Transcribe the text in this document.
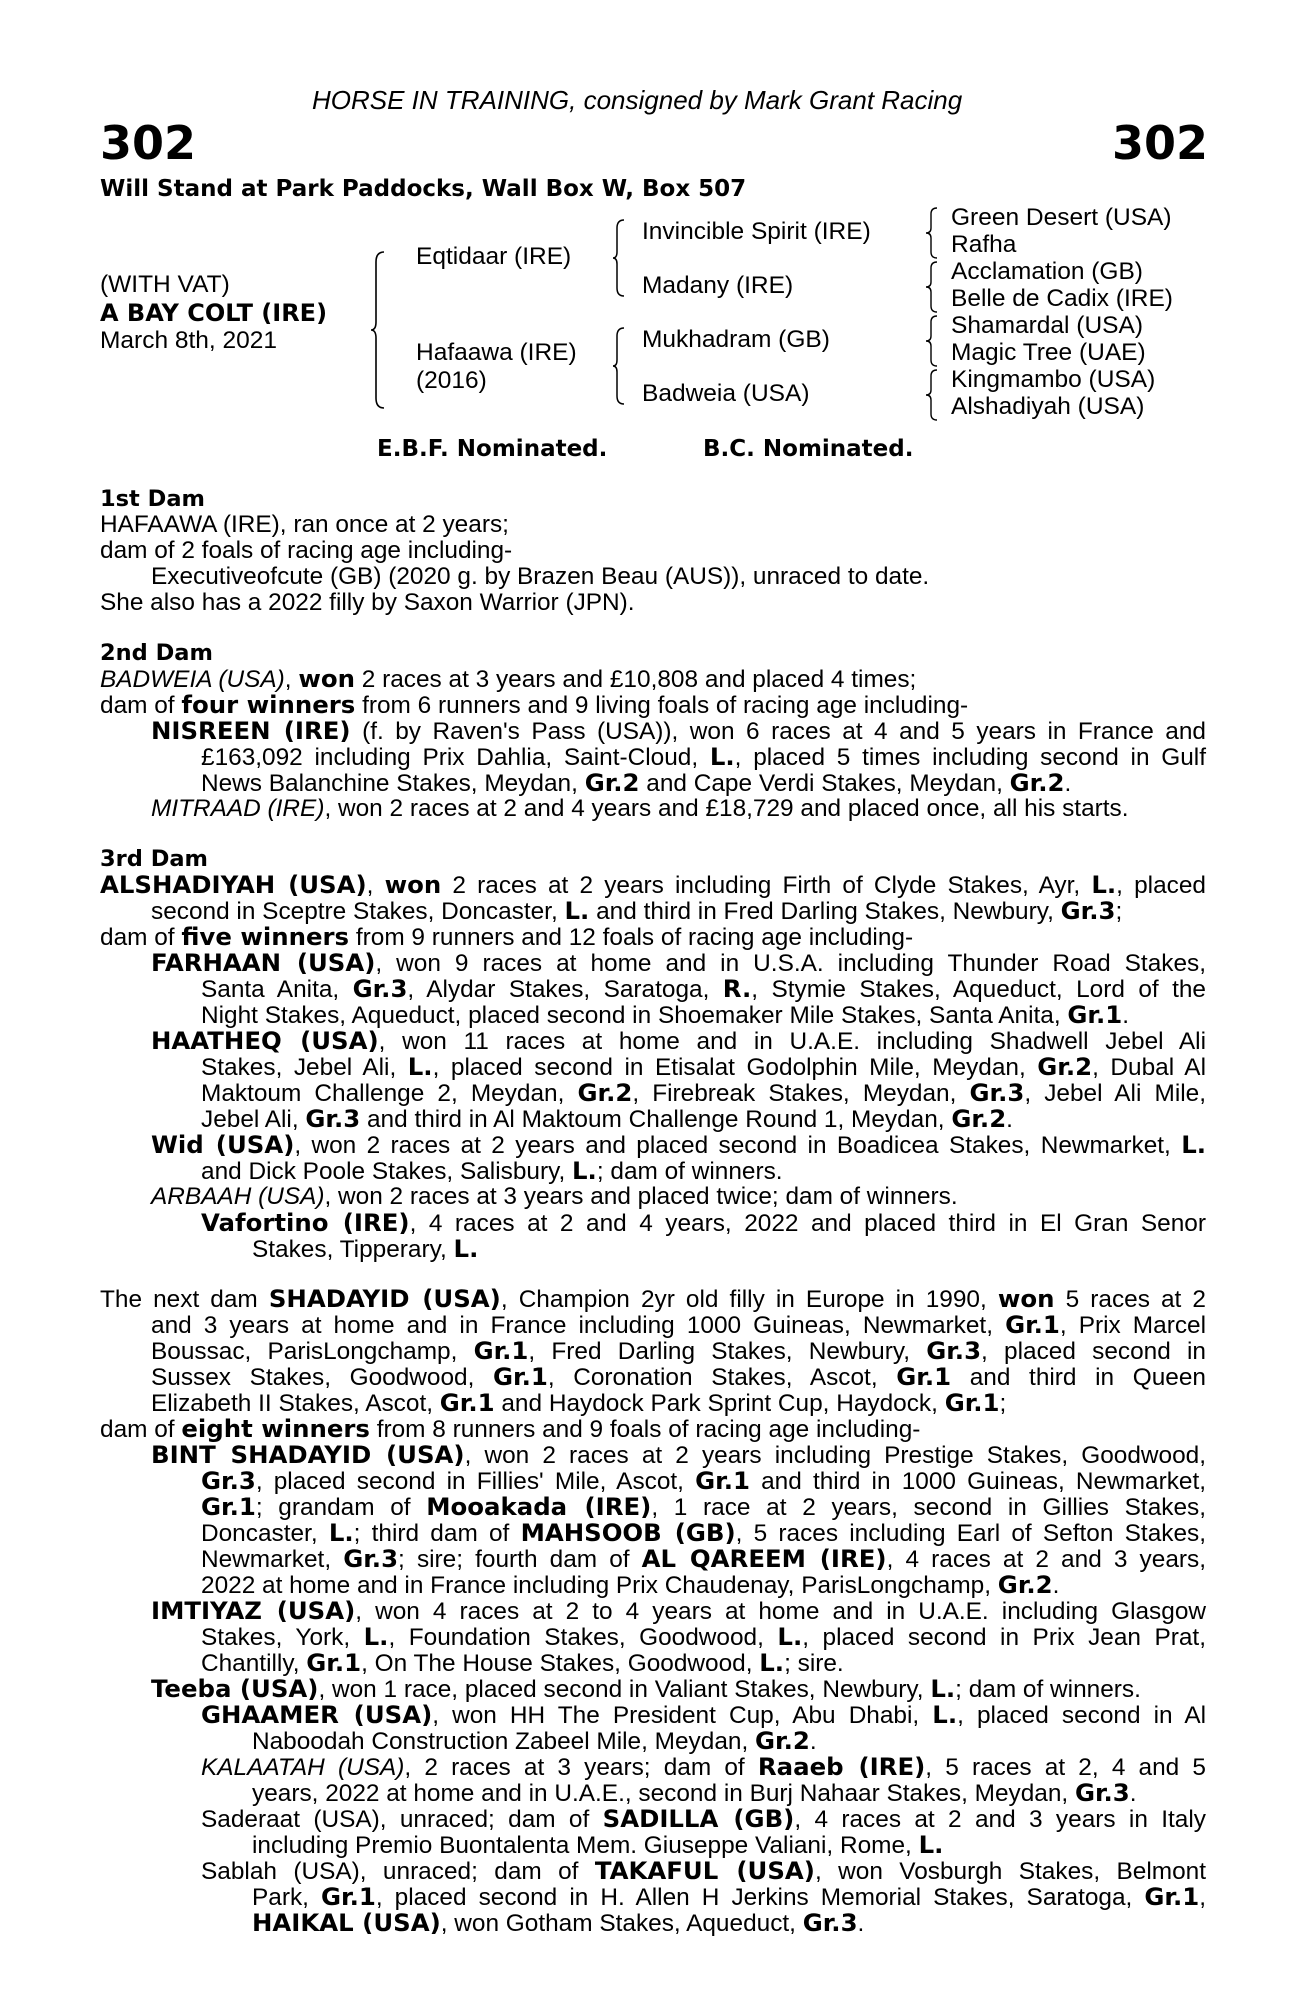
HORSE IN TRAINING, consigned by Mark Grant Racing
302	302
Will Stand at Park Paddocks, Wall Box W, Box 507
(WITH VAT)
A BAY COLT (IRE)
March 8th, 2021
Eqtidaar (IRE)
Hafaawa (IRE)
(2016)
Invincible Spirit (IRE)
Madany (IRE)
Mukhadram (GB)
Badweia (USA)
Green Desert (USA)
Rafha
Acclamation (GB)
Belle de Cadix (IRE)
Shamardal (USA)
Magic Tree (UAE)
Kingmambo (USA)
Alshadiyah (USA)
E.B.F. Nominated.	B.C. Nominated.
1st Dam
HAFAAWA (IRE), ran once at 2 years;
dam of 2 foals of racing age including-
Executiveofcute (GB) (2020 g. by Brazen Beau (AUS)), unraced to date.
She also has a 2022 filly by Saxon Warrior (JPN).
2nd Dam
BADWEIA (USA), won 2 races at 3 years and £10,808 and placed 4 times;
dam of four winners from 6 runners and 9 living foals of racing age including-
NISREEN (IRE) (f. by Raven's Pass (USA)), won 6 races at 4 and 5 years in France and
£163,092 including Prix Dahlia, Saint-Cloud, L., placed 5 times including second in Gulf
News Balanchine Stakes, Meydan, Gr.2 and Cape Verdi Stakes, Meydan, Gr.2.
MITRAAD (IRE), won 2 races at 2 and 4 years and £18,729 and placed once, all his starts.
3rd Dam
ALSHADIYAH (USA), won 2 races at 2 years including Firth of Clyde Stakes, Ayr, L., placed
second in Sceptre Stakes, Doncaster, L. and third in Fred Darling Stakes, Newbury, Gr.3;
dam of five winners from 9 runners and 12 foals of racing age including-
FARHAAN (USA), won 9 races at home and in U.S.A. including Thunder Road Stakes,
Santa Anita, Gr.3, Alydar Stakes, Saratoga, R., Stymie Stakes, Aqueduct, Lord of the
Night Stakes, Aqueduct, placed second in Shoemaker Mile Stakes, Santa Anita, Gr.1.
HAATHEQ (USA), won 11 races at home and in U.A.E. including Shadwell Jebel Ali
Stakes, Jebel Ali, L., placed second in Etisalat Godolphin Mile, Meydan, Gr.2, Dubal Al
Maktoum Challenge 2, Meydan, Gr.2, Firebreak Stakes, Meydan, Gr.3, Jebel Ali Mile,
Jebel Ali, Gr.3 and third in Al Maktoum Challenge Round 1, Meydan, Gr.2.
Wid (USA), won 2 races at 2 years and placed second in Boadicea Stakes, Newmarket, L.
and Dick Poole Stakes, Salisbury, L.; dam of winners.
ARBAAH (USA), won 2 races at 3 years and placed twice; dam of winners.
Vafortino (IRE), 4 races at 2 and 4 years, 2022 and placed third in El Gran Senor
Stakes, Tipperary, L.
The next dam SHADAYID (USA), Champion 2yr old filly in Europe in 1990, won 5 races at 2
and 3 years at home and in France including 1000 Guineas, Newmarket, Gr.1, Prix Marcel
Boussac, ParisLongchamp, Gr.1, Fred Darling Stakes, Newbury, Gr.3, placed second in
Sussex Stakes, Goodwood, Gr.1, Coronation Stakes, Ascot, Gr.1 and third in Queen
Elizabeth II Stakes, Ascot, Gr.1 and Haydock Park Sprint Cup, Haydock, Gr.1;
dam of eight winners from 8 runners and 9 foals of racing age including-
BINT SHADAYID (USA), won 2 races at 2 years including Prestige Stakes, Goodwood,
Gr.3, placed second in Fillies' Mile, Ascot, Gr.1 and third in 1000 Guineas, Newmarket,
Gr.1; grandam of Mooakada (IRE), 1 race at 2 years, second in Gillies Stakes,
Doncaster, L.; third dam of MAHSOOB (GB), 5 races including Earl of Sefton Stakes,
Newmarket, Gr.3; sire; fourth dam of AL QAREEM (IRE), 4 races at 2 and 3 years,
2022 at home and in France including Prix Chaudenay, ParisLongchamp, Gr.2.
IMTIYAZ (USA), won 4 races at 2 to 4 years at home and in U.A.E. including Glasgow
Stakes, York, L., Foundation Stakes, Goodwood, L., placed second in Prix Jean Prat,
Chantilly, Gr.1, On The House Stakes, Goodwood, L.; sire.
Teeba (USA), won 1 race, placed second in Valiant Stakes, Newbury, L.; dam of winners.
GHAAMER (USA), won HH The President Cup, Abu Dhabi, L., placed second in Al
Naboodah Construction Zabeel Mile, Meydan, Gr.2.
KALAATAH (USA), 2 races at 3 years; dam of Raaeb (IRE), 5 races at 2, 4 and 5
years, 2022 at home and in U.A.E., second in Burj Nahaar Stakes, Meydan, Gr.3.
Saderaat (USA), unraced; dam of SADILLA (GB), 4 races at 2 and 3 years in Italy
including Premio Buontalenta Mem. Giuseppe Valiani, Rome, L.
Sablah (USA), unraced; dam of TAKAFUL (USA), won Vosburgh Stakes, Belmont
Park, Gr.1, placed second in H. Allen H Jerkins Memorial Stakes, Saratoga, Gr.1,
HAIKAL (USA), won Gotham Stakes, Aqueduct, Gr.3.
